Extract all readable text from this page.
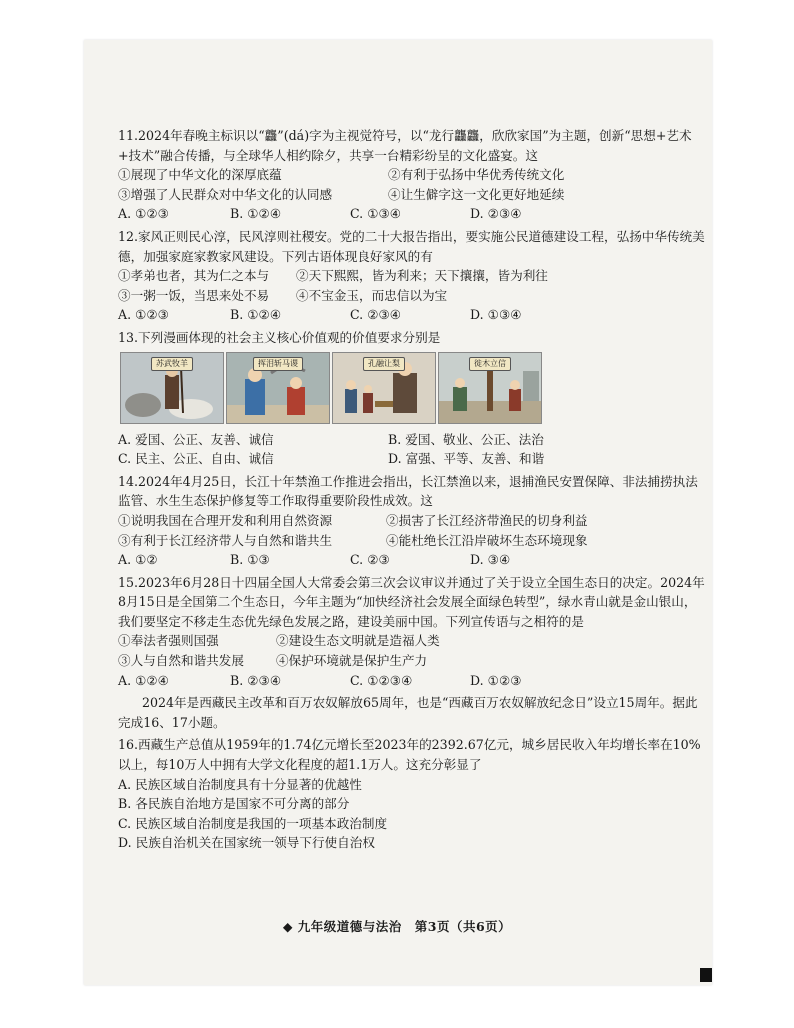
11.2024年春晚主标识以“龘”(dá)字为主视觉符号，以“龙行龘龘，欣欣家国”为主题，创新“思想+艺术+技术”融合传播，与全球华人相约除夕，共享一台精彩纷呈的文化盛宴。这
①展现了中华文化的深厚底蕴	②有利于弘扬中华优秀传统文化
③增强了人民群众对中华文化的认同感	④让生僻字这一文化更好地延续
A. ①②③	B. ①②④	C. ①③④	D. ②③④
12.家风正则民心淳，民风淳则社稷安。党的二十大报告指出，要实施公民道德建设工程，弘扬中华传统美德，加强家庭家教家风建设。下列古语体现良好家风的有
①孝弟也者，其为仁之本与	②天下熙熙，皆为利来；天下攘攘，皆为利往
③一粥一饭，当思来处不易	④不宝金玉，而忠信以为宝
A. ①②③	B. ①②④	C. ②③④	D. ①③④
13.下列漫画体现的社会主义核心价值观的价值要求分别是
苏武牧羊	挥泪斩马谡	孔融让梨	徙木立信
A. 爱国、公正、友善、诚信	B. 爱国、敬业、公正、法治
C. 民主、公正、自由、诚信	D. 富强、平等、友善、和谐
14.2024年4月25日，长江十年禁渔工作推进会指出，长江禁渔以来，退捕渔民安置保障、非法捕捞执法监管、水生生态保护修复等工作取得重要阶段性成效。这
①说明我国在合理开发和利用自然资源	②损害了长江经济带渔民的切身利益
③有利于长江经济带人与自然和谐共生	④能杜绝长江沿岸破坏生态环境现象
A. ①②	B. ①③	C. ②③	D. ③④
15.2023年6月28日十四届全国人大常委会第三次会议审议并通过了关于设立全国生态日的决定。2024年8月15日是全国第二个生态日，今年主题为“加快经济社会发展全面绿色转型”，绿水青山就是金山银山，我们要坚定不移走生态优先绿色发展之路，建设美丽中国。下列宣传语与之相符的是
①奉法者强则国强	②建设生态文明就是造福人类
③人与自然和谐共发展	④保护环境就是保护生产力
A. ①②④	B. ②③④	C. ①②③④	D. ①②③
2024年是西藏民主改革和百万农奴解放65周年，也是“西藏百万农奴解放纪念日”设立15周年。据此完成16、17小题。
16.西藏生产总值从1959年的1.74亿元增长至2023年的2392.67亿元，城乡居民收入年均增长率在10%以上，每10万人中拥有大学文化程度的超1.1万人。这充分彰显了
A. 民族区域自治制度具有十分显著的优越性
B. 各民族自治地方是国家不可分离的部分
C. 民族区域自治制度是我国的一项基本政治制度
D. 民族自治机关在国家统一领导下行使自治权
◆ 九年级道德与法治　第3页（共6页）
